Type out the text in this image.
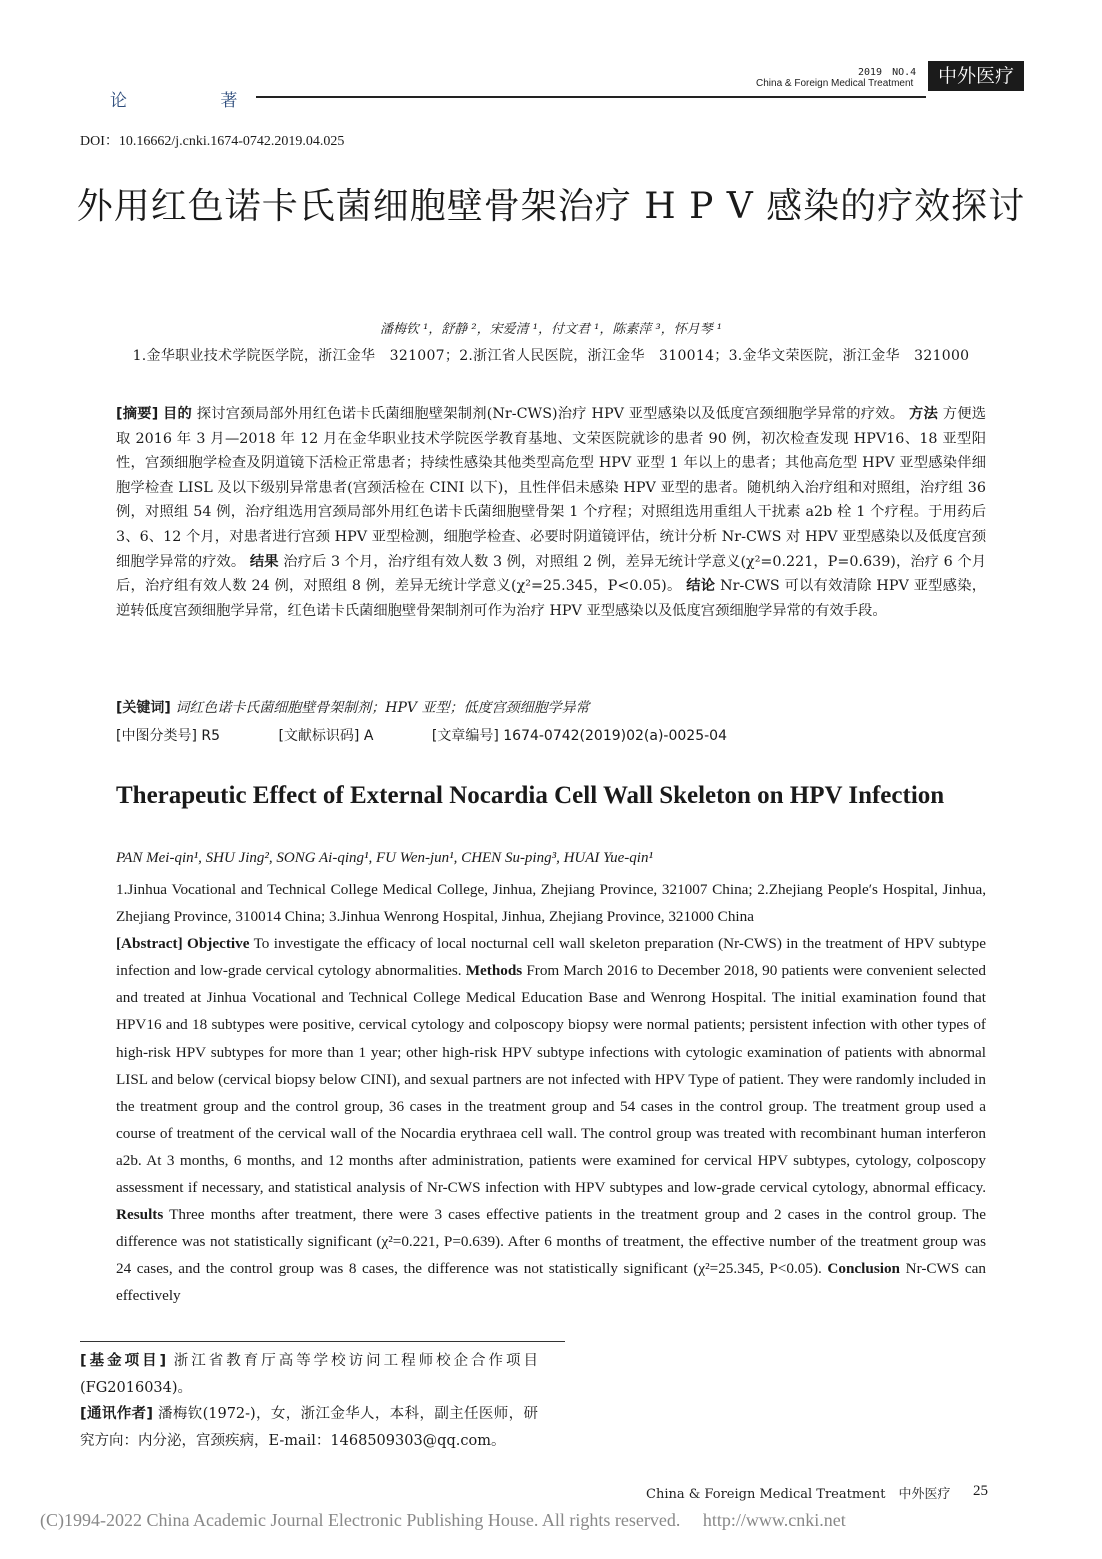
论 著
2019　NO.4
China & Foreign Medical Treatment	中外医疗
DOI：10.16662/j.cnki.1674-0742.2019.04.025
外用红色诺卡氏菌细胞壁骨架治疗 H P V 感染的疗效探讨
潘梅钦 ¹，舒静 ²，宋爱清 ¹，付文君 ¹，陈素萍 ³，怀月琴 ¹
1.金华职业技术学院医学院，浙江金华　321007；2.浙江省人民医院，浙江金华　310014；3.金华文荣医院，浙江金华　321000
[摘要] 目的 探讨宫颈局部外用红色诺卡氏菌细胞壁架制剂(Nr-CWS)治疗 HPV 亚型感染以及低度宫颈细胞学异常的疗效。 方法 方便选取 2016 年 3 月—2018 年 12 月在金华职业技术学院医学教育基地、文荣医院就诊的患者 90 例，初次检查发现 HPV16、18 亚型阳性，宫颈细胞学检查及阴道镜下活检正常患者；持续性感染其他类型高危型 HPV 亚型 1 年以上的患者；其他高危型 HPV 亚型感染伴细胞学检查 LISL 及以下级别异常患者(宫颈活检在 CINI 以下)，且性伴侣未感染 HPV 亚型的患者。随机纳入治疗组和对照组，治疗组 36 例，对照组 54 例，治疗组选用宫颈局部外用红色诺卡氏菌细胞壁骨架 1 个疗程；对照组选用重组人干扰素 a2b 栓 1 个疗程。于用药后 3、6、12 个月，对患者进行宫颈 HPV 亚型检测，细胞学检查、必要时阴道镜评估，统计分析 Nr-CWS 对 HPV 亚型感染以及低度宫颈细胞学异常的疗效。 结果 治疗后 3 个月，治疗组有效人数 3 例，对照组 2 例，差异无统计学意义(χ²=0.221，P=0.639)，治疗 6 个月后，治疗组有效人数 24 例，对照组 8 例，差异无统计学意义(χ²=25.345，P<0.05)。 结论 Nr-CWS 可以有效清除 HPV 亚型感染，逆转低度宫颈细胞学异常，红色诺卡氏菌细胞壁骨架制剂可作为治疗 HPV 亚型感染以及低度宫颈细胞学异常的有效手段。
[关键词] 词红色诺卡氏菌细胞壁骨架制剂；HPV 亚型；低度宫颈细胞学异常
[中图分类号] R5	[文献标识码] A	[文章编号] 1674-0742(2019)02(a)-0025-04
Therapeutic Effect of External Nocardia Cell Wall Skeleton on HPV Infection
PAN Mei-qin¹, SHU Jing², SONG Ai-qing¹, FU Wen-jun¹, CHEN Su-ping³, HUAI Yue-qin¹
1.Jinhua Vocational and Technical College Medical College, Jinhua, Zhejiang Province, 321007 China; 2.Zhejiang People′s Hospital, Jinhua, Zhejiang Province, 310014 China; 3.Jinhua Wenrong Hospital, Jinhua, Zhejiang Province, 321000 China
[Abstract] Objective To investigate the efficacy of local nocturnal cell wall skeleton preparation (Nr-CWS) in the treatment of HPV subtype infection and low-grade cervical cytology abnormalities. Methods From March 2016 to December 2018, 90 patients were convenient selected and treated at Jinhua Vocational and Technical College Medical Education Base and Wenrong Hospital. The initial examination found that HPV16 and 18 subtypes were positive, cervical cytology and colposcopy biopsy were normal patients; persistent infection with other types of high-risk HPV subtypes for more than 1 year; other high-risk HPV subtype infections with cytologic examination of patients with abnormal LISL and below (cervical biopsy below CINI), and sexual partners are not infected with HPV Type of patient. They were randomly included in the treatment group and the control group, 36 cases in the treatment group and 54 cases in the control group. The treatment group used a course of treatment of the cervical wall of the Nocardia erythraea cell wall. The control group was treated with recombinant human interferon a2b. At 3 months, 6 months, and 12 months after administration, patients were examined for cervical HPV subtypes, cytology, colposcopy assessment if necessary, and statistical analysis of Nr-CWS infection with HPV subtypes and low-grade cervical cytology, abnormal efficacy. Results Three months after treatment, there were 3 cases effective patients in the treatment group and 2 cases in the control group. The difference was not statistically significant (χ²=0.221, P=0.639). After 6 months of treatment, the effective number of the treatment group was 24 cases, and the control group was 8 cases, the difference was not statistically significant (χ²=25.345, P<0.05). Conclusion Nr-CWS can effectively
[基金项目] 浙江省教育厅高等学校访问工程师校企合作项目(FG2016034)。
[通讯作者] 潘梅钦(1972-)，女，浙江金华人，本科，副主任医师，研究方向：内分泌，宫颈疾病，E-mail：1468509303@qq.com。
China & Foreign Medical Treatment　中外医疗 25
(C)1994-2022 China Academic Journal Electronic Publishing House. All rights reserved.　 http://www.cnki.net
